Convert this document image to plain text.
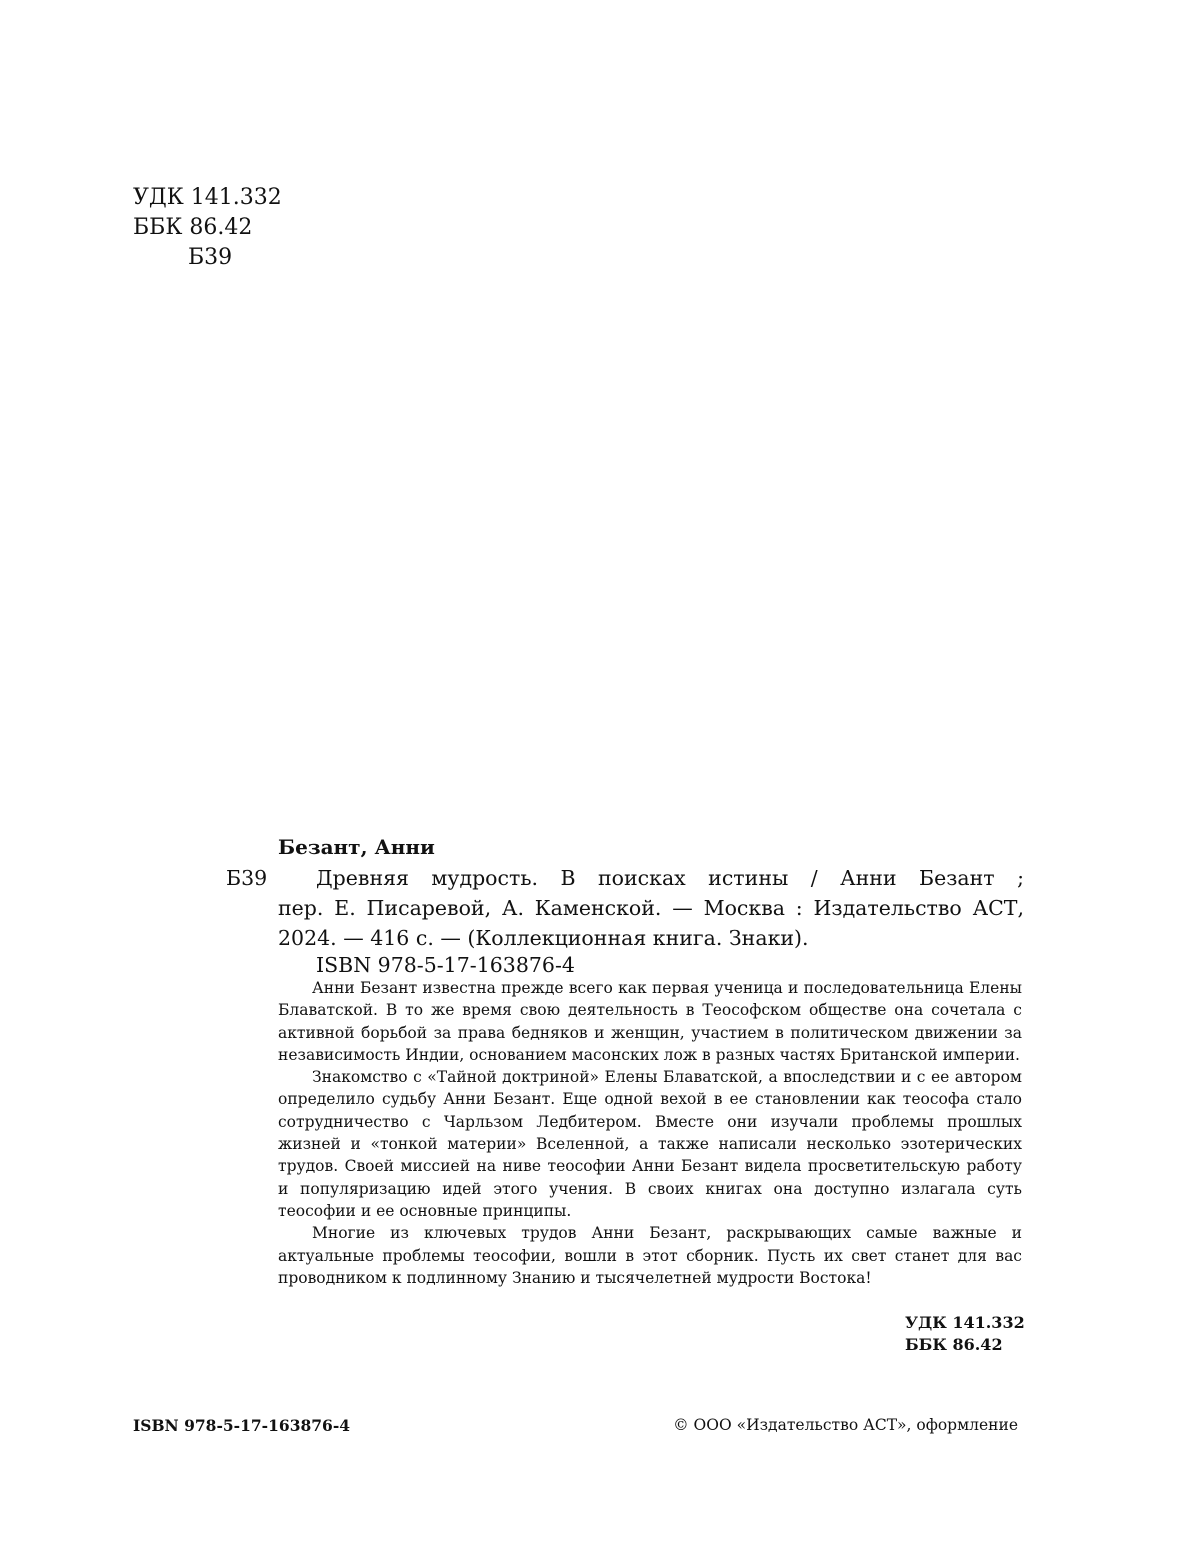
УДК 141.332
ББК 86.42
Б39
Безант, Анни
Б39 Древняя мудрость. В поисках истины / Анни Безант ;
пер. Е. Писаревой, А. Каменской. — Москва : Издательство АСТ,
2024. — 416 с. — (Коллекционная книга. Знаки).
ISBN 978-5-17-163876-4

Анни Безант известна прежде всего как первая ученица и последовательница Елены Блаватской. В то же время свою деятельность в Теософском обществе она сочетала с активной борьбой за права бедняков и женщин, участием в политическом движении за независимость Индии, основанием масонских лож в разных частях Британской империи.

Знакомство с «Тайной доктриной» Елены Блаватской, а впоследствии и с ее автором определило судьбу Анни Безант. Еще одной вехой в ее становлении как теософа стало сотрудничество с Чарльзом Ледбитером. Вместе они изучали проблемы прошлых жизней и «тонкой материи» Вселенной, а также написали несколько эзотерических трудов. Своей миссией на ниве теософии Анни Безант видела просветительскую работу и популяризацию идей этого учения. В своих книгах она доступно излагала суть теософии и ее основные принципы.

Многие из ключевых трудов Анни Безант, раскрывающих самые важные и актуальные проблемы теософии, вошли в этот сборник. Пусть их свет станет для вас проводником к подлинному Знанию и тысячелетней мудрости Востока!

УДК 141.332
ББК 86.42
ISBN 978-5-17-163876-4	© ООО «Издательство АСТ», оформление
